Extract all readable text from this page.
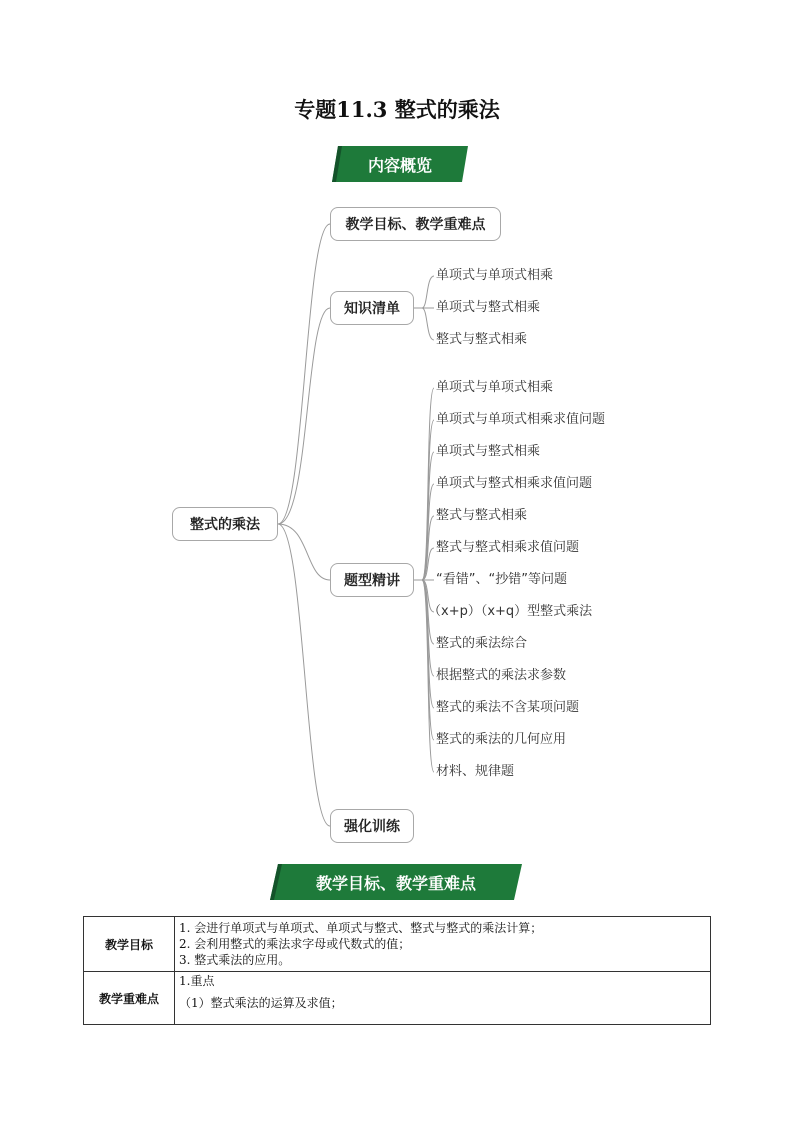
专题11.3 整式的乘法
内容概览
整式的乘法
教学目标、教学重难点
知识清单
题型精讲
强化训练
单项式与单项式相乘
单项式与整式相乘
整式与整式相乘
单项式与单项式相乘
单项式与单项式相乘求值问题
单项式与整式相乘
单项式与整式相乘求值问题
整式与整式相乘
整式与整式相乘求值问题
“看错”、“抄错”等问题
（x+p）（x+q）型整式乘法
整式的乘法综合
根据整式的乘法求参数
整式的乘法不含某项问题
整式的乘法的几何应用
材料、规律题
教学目标、教学重难点
教学目标	1. 会进行单项式与单项式、单项式与整式、整式与整式的乘法计算；
2. 会利用整式的乘法求字母或代数式的值；
3. 整式乘法的应用。

教学重难点	1.重点
（1）整式乘法的运算及求值；
